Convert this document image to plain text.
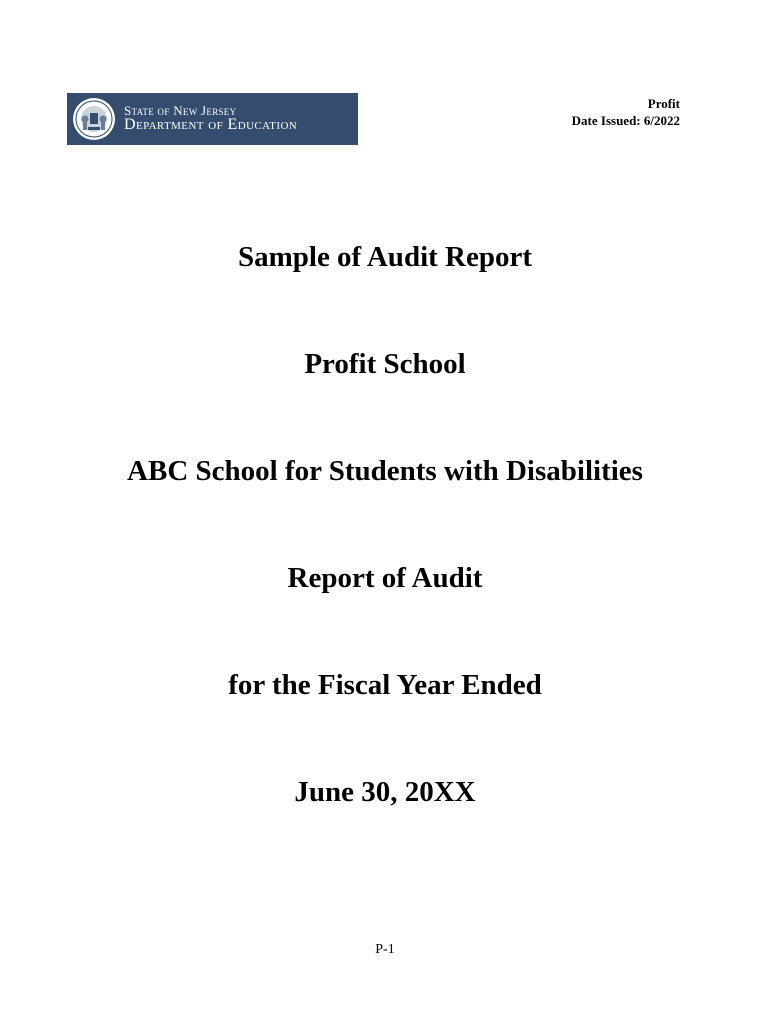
State of New Jersey
Department of Education
Profit
Date Issued: 6/2022
Sample of Audit Report
Profit School
ABC School for Students with Disabilities
Report of Audit
for the Fiscal Year Ended
June 30, 20XX
P-1
